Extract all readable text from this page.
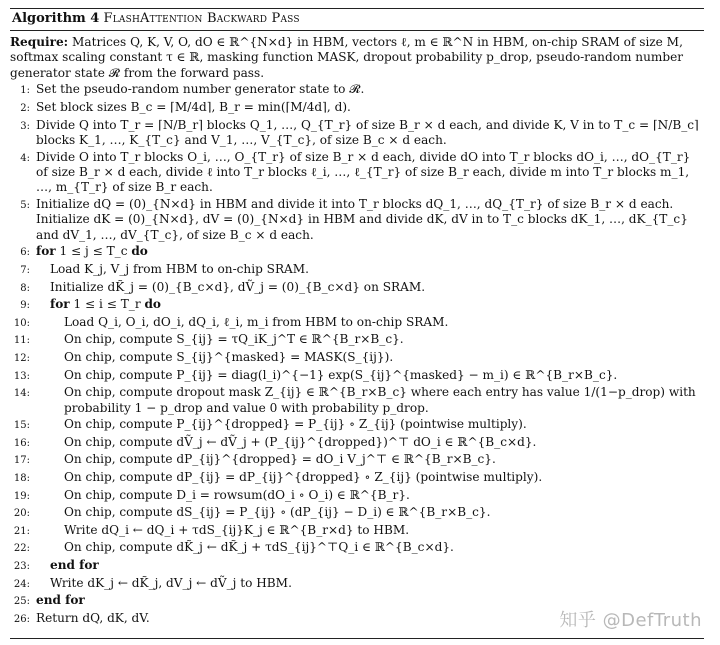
Algorithm 4 FlashAttention Backward Pass
Require: Matrices Q, K, V, O, dO ∈ ℝ^{N×d} in HBM, vectors ℓ, m ∈ ℝ^N in HBM, on-chip SRAM of size M, softmax scaling constant τ ∈ ℝ, masking function MASK, dropout probability p_drop, pseudo-random number generator state 𝓡 from the forward pass.
1: Set the pseudo-random number generator state to 𝓡.
2: Set block sizes B_c = ⌈M/4d⌉, B_r = min(⌈M/4d⌉, d).
3: Divide Q into T_r = ⌈N/B_r⌉ blocks Q_1, …, Q_{T_r} of size B_r × d each, and divide K, V in to T_c = ⌈N/B_c⌉ blocks K_1, …, K_{T_c} and V_1, …, V_{T_c}, of size B_c × d each.
4: Divide O into T_r blocks O_i, …, O_{T_r} of size B_r × d each, divide dO into T_r blocks dO_i, …, dO_{T_r} of size B_r × d each, divide ℓ into T_r blocks ℓ_i, …, ℓ_{T_r} of size B_r each, divide m into T_r blocks m_1, …, m_{T_r} of size B_r each.
5: Initialize dQ = (0)_{N×d} in HBM and divide it into T_r blocks dQ_1, …, dQ_{T_r} of size B_r × d each. Initialize dK = (0)_{N×d}, dV = (0)_{N×d} in HBM and divide dK, dV in to T_c blocks dK_1, …, dK_{T_c} and dV_1, …, dV_{T_c}, of size B_c × d each.
6: for 1 ≤ j ≤ T_c do
7:	Load K_j, V_j from HBM to on-chip SRAM.
8:	Initialize dK̃_j = (0)_{B_c×d}, dṼ_j = (0)_{B_c×d} on SRAM.
9:	for 1 ≤ i ≤ T_r do
10:	Load Q_i, O_i, dO_i, dQ_i, ℓ_i, m_i from HBM to on-chip SRAM.
11:	On chip, compute S_{ij} = τQ_iK_j^T ∈ ℝ^{B_r×B_c}.
12:	On chip, compute S_{ij}^{masked} = MASK(S_{ij}).
13:	On chip, compute P_{ij} = diag(l_i)^{−1} exp(S_{ij}^{masked} − m_i) ∈ ℝ^{B_r×B_c}.
14:	On chip, compute dropout mask Z_{ij} ∈ ℝ^{B_r×B_c} where each entry has value 1/(1−p_drop) with probability 1 − p_drop and value 0 with probability p_drop.
15:	On chip, compute P_{ij}^{dropped} = P_{ij} ∘ Z_{ij} (pointwise multiply).
16:	On chip, compute dṼ_j ← dṼ_j + (P_{ij}^{dropped})^⊤ dO_i ∈ ℝ^{B_c×d}.
17:	On chip, compute dP_{ij}^{dropped} = dO_i V_j^⊤ ∈ ℝ^{B_r×B_c}.
18:	On chip, compute dP_{ij} = dP_{ij}^{dropped} ∘ Z_{ij} (pointwise multiply).
19:	On chip, compute D_i = rowsum(dO_i ∘ O_i) ∈ ℝ^{B_r}.
20:	On chip, compute dS_{ij} = P_{ij} ∘ (dP_{ij} − D_i) ∈ ℝ^{B_r×B_c}.
21:	Write dQ_i ← dQ_i + τdS_{ij}K_j ∈ ℝ^{B_r×d} to HBM.
22:	On chip, compute dK̃_j ← dK̃_j + τdS_{ij}^⊤Q_i ∈ ℝ^{B_c×d}.
23:	end for
24:	Write dK_j ← dK̃_j, dV_j ← dṼ_j to HBM.
25: end for
26: Return dQ, dK, dV.	知乎 @DefTruth
